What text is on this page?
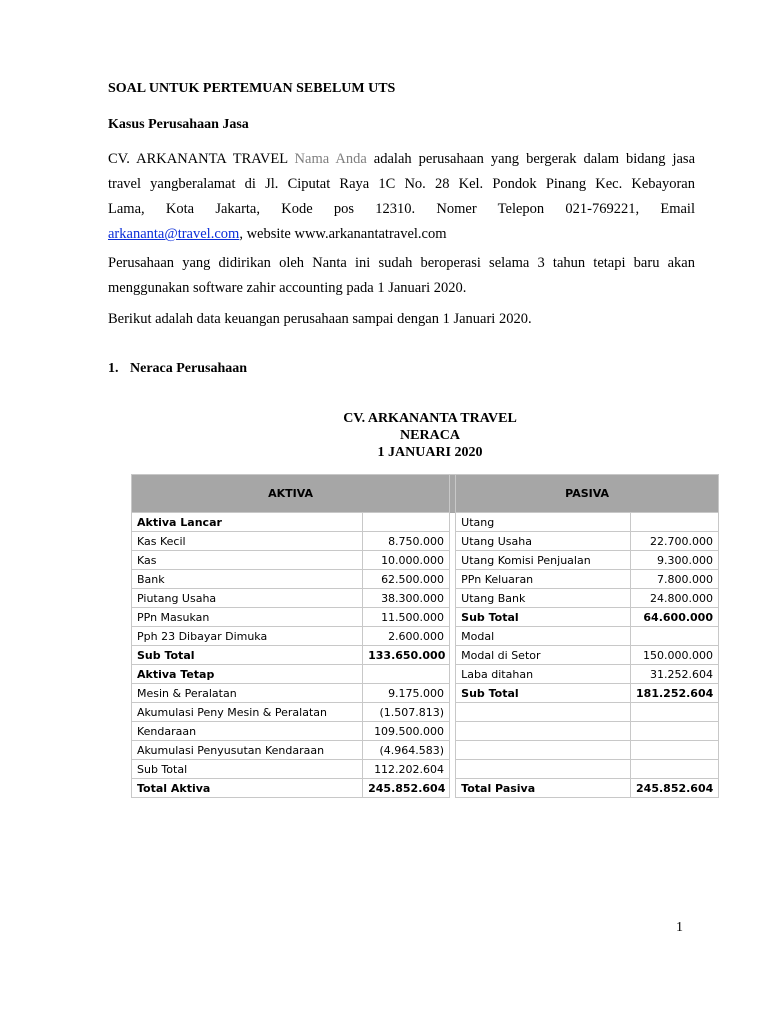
SOAL UNTUK PERTEMUAN SEBELUM UTS
Kasus Perusahaan Jasa
CV. ARKANANTA TRAVEL Nama Anda adalah perusahaan yang bergerak dalam bidang jasa
travel yangberalamat di Jl. Ciputat Raya 1C No. 28 Kel. Pondok Pinang Kec. Kebayoran
Lama, Kota Jakarta, Kode pos 12310. Nomer Telepon 021-769221, Email
arkananta@travel.com, website www.arkanantatravel.com
Perusahaan yang didirikan oleh Nanta ini sudah beroperasi selama 3 tahun tetapi baru akan
menggunakan software zahir accounting pada 1 Januari 2020.
Berikut adalah data keuangan perusahaan sampai dengan 1 Januari 2020.
1. Neraca Perusahaan
CV. ARKANANTA TRAVEL
NERACA
1 JANUARI 2020
AKTIVA			PASIVA	
Aktiva Lancar			Utang	
Kas Kecil	8.750.000		Utang Usaha	22.700.000
Kas	10.000.000		Utang Komisi Penjualan	9.300.000
Bank	62.500.000		PPn Keluaran	7.800.000
Piutang Usaha	38.300.000		Utang Bank	24.800.000
PPn Masukan	11.500.000		Sub Total	64.600.000
Pph 23 Dibayar Dimuka	2.600.000		Modal	
Sub Total	133.650.000		Modal di Setor	150.000.000
Aktiva Tetap			Laba ditahan	31.252.604
Mesin & Peralatan	9.175.000		Sub Total	181.252.604
Akumulasi Peny Mesin & Peralatan	(1.507.813)			
Kendaraan	109.500.000			
Akumulasi Penyusutan Kendaraan	(4.964.583)			
Sub Total	112.202.604			
Total Aktiva	245.852.604		Total Pasiva	245.852.604
1
